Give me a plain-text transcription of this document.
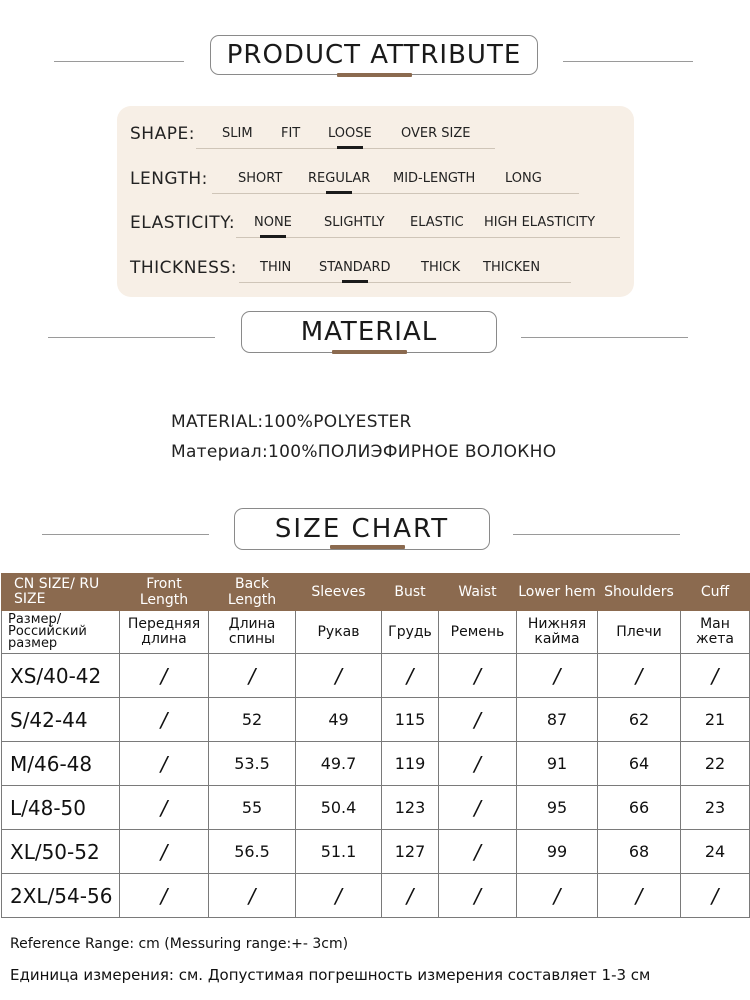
PRODUCT ATTRIBUTE
SHAPE: SLIM FIT LOOSE OVER SIZE
LENGTH: SHORT REGULAR MID-LENGTH LONG
ELASTICITY: NONE SLIGHTLY ELASTIC HIGH ELASTICITY
THICKNESS: THIN STANDARD THICK THICKEN
MATERIAL
MATERIAL:100%POLYESTER
Материал:100%ПОЛИЭФИРНОЕ ВОЛОКНО
SIZE CHART
CN SIZE/ RU SIZE	Front Length	Back Length	Sleeves	Bust	Waist	Lower hem	Shoulders	Cuff
Размер/ Российский размер	Передняя длина	Длина спины	Рукав	Грудь	Ремень	Нижняя кайма	Плечи	Ман жета
XS/40-42	/	/	/	/	/	/	/	/
S/42-44	/	52	49	115	/	87	62	21
M/46-48	/	53.5	49.7	119	/	91	64	22
L/48-50	/	55	50.4	123	/	95	66	23
XL/50-52	/	56.5	51.1	127	/	99	68	24
2XL/54-56	/	/	/	/	/	/	/	/
Reference Range: cm (Messuring range:+- 3cm)
Единица измерения: см. Допустимая погрешность измерения составляет 1-3 см
